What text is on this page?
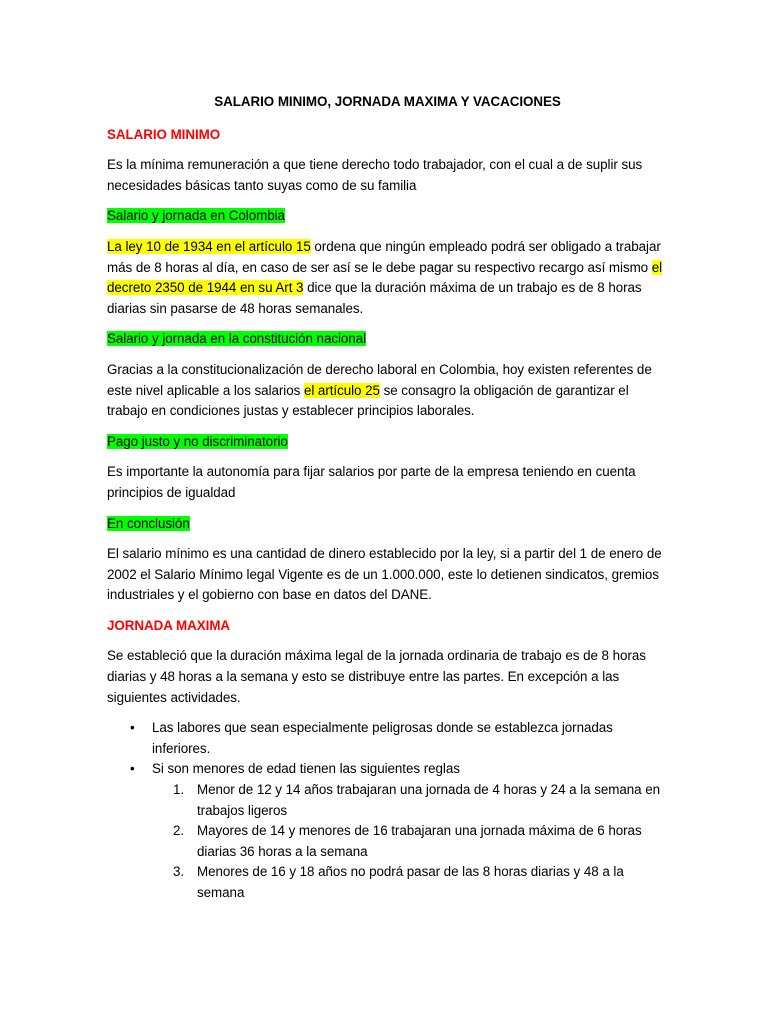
SALARIO MINIMO, JORNADA MAXIMA Y VACACIONES
SALARIO MINIMO

Es la mínima remuneración a que tiene derecho todo trabajador, con el cual a de suplir sus necesidades básicas tanto suyas como de su familia

Salario y jornada en Colombia

La ley 10 de 1934 en el artículo 15 ordena que ningún empleado podrá ser obligado a trabajar más de 8 horas al día, en caso de ser así se le debe pagar su respectivo recargo así mismo el decreto 2350 de 1944 en su Art 3 dice que la duración máxima de un trabajo es de 8 horas diarias sin pasarse de 48 horas semanales.

Salario y jornada en la constitución nacional

Gracias a la constitucionalización de derecho laboral en Colombia, hoy existen referentes de este nivel aplicable a los salarios el artículo 25 se consagro la obligación de garantizar el trabajo en condiciones justas y establecer principios laborales.

Pago justo y no discriminatorio

Es importante la autonomía para fijar salarios por parte de la empresa teniendo en cuenta principios de igualdad

En conclusión

El salario mínimo es una cantidad de dinero establecido por la ley, si a partir del 1 de enero de 2002 el Salario Mínimo legal Vigente es de un 1.000.000, este lo detienen sindicatos, gremios industriales y el gobierno con base en datos del DANE.

JORNADA MAXIMA

Se estableció que la duración máxima legal de la jornada ordinaria de trabajo es de 8 horas diarias y 48 horas a la semana y esto se distribuye entre las partes. En excepción a las siguientes actividades.

• Las labores que sean especialmente peligrosas donde se establezca jornadas inferiores.
• Si son menores de edad tienen las siguientes reglas
1. Menor de 12 y 14 años trabajaran una jornada de 4 horas y 24 a la semana en trabajos ligeros
2. Mayores de 14 y menores de 16 trabajaran una jornada máxima de 6 horas diarias 36 horas a la semana
3. Menores de 16 y 18 años no podrá pasar de las 8 horas diarias y 48 a la semana
